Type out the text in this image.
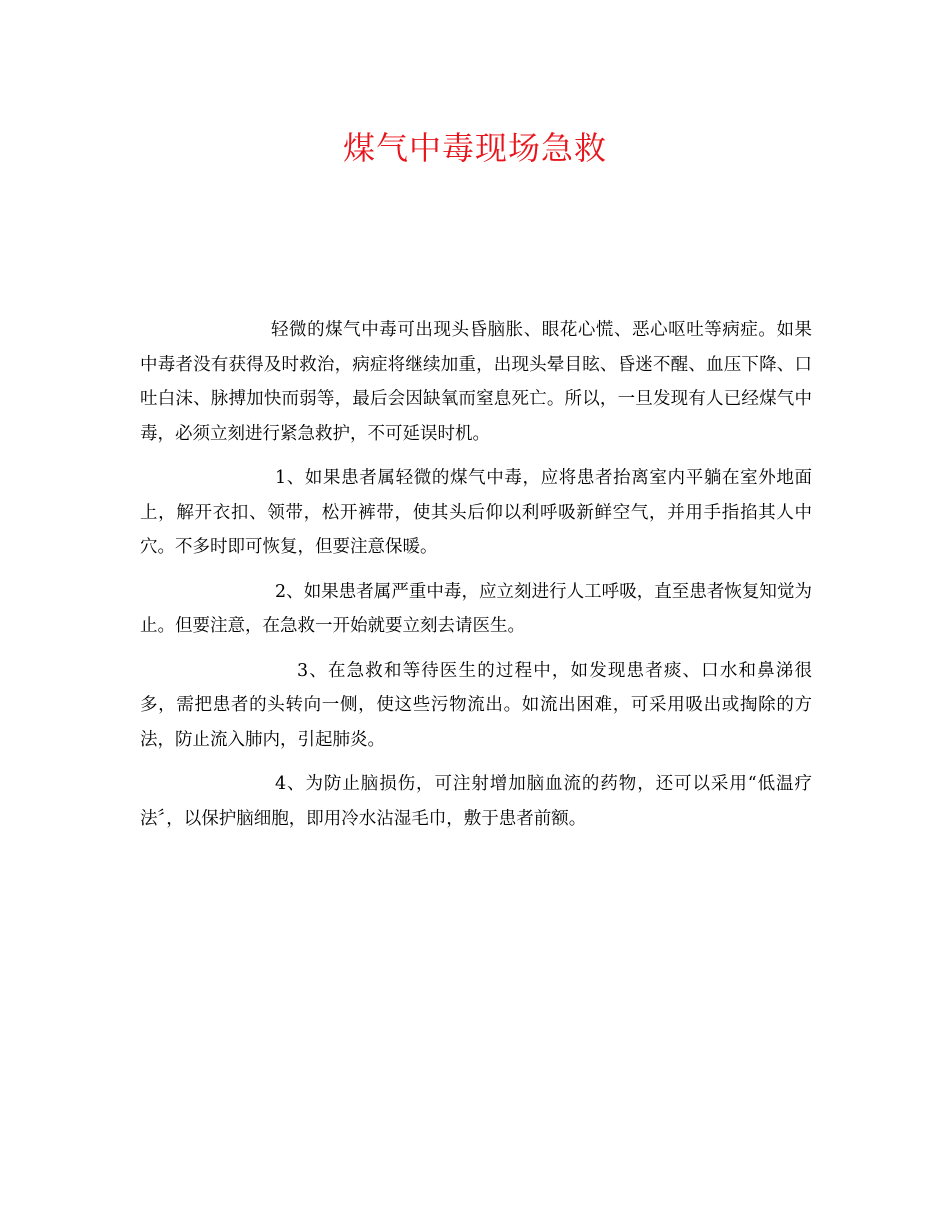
煤气中毒现场急救

轻微的煤气中毒可出现头昏脑胀、眼花心慌、恶心呕吐等病症。如果中毒者没有获得及时救治，病症将继续加重，出现头晕目眩、昏迷不醒、血压下降、口吐白沫、脉搏加快而弱等，最后会因缺氧而窒息死亡。所以，一旦发现有人已经煤气中毒，必须立刻进行紧急救护，不可延误时机。

1、如果患者属轻微的煤气中毒，应将患者抬离室内平躺在室外地面上，解开衣扣、领带，松开裤带，使其头后仰以利呼吸新鲜空气，并用手指掐其人中穴。不多时即可恢复，但要注意保暖。

2、如果患者属严重中毒，应立刻进行人工呼吸，直至患者恢复知觉为止。但要注意，在急救一开始就要立刻去请医生。

3、在急救和等待医生的过程中，如发现患者痰、口水和鼻涕很多，需把患者的头转向一侧，使这些污物流出。如流出困难，可采用吸出或掏除的方法，防止流入肺内，引起肺炎。

4、为防止脑损伤，可注射增加脑血流的药物，还可以采用“低温疗法〞，以保护脑细胞，即用冷水沾湿毛巾，敷于患者前额。
